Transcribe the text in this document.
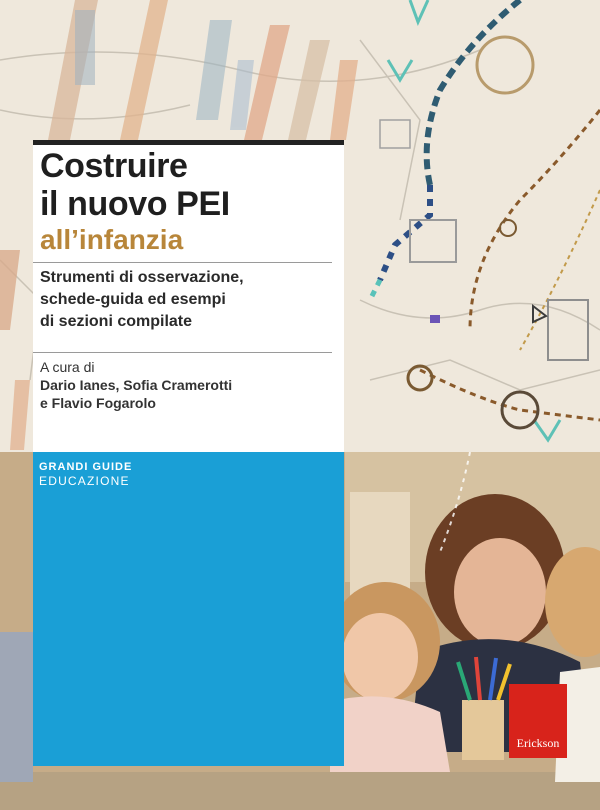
Costruire
il nuovo PEI

all’infanzia

Strumenti di osservazione,
schede-guida ed esempi
di sezioni compilate

A cura di
Dario Ianes, Sofia Cramerotti
e Flavio Fogarolo

GRANDI GUIDE
EDUCAZIONE
Erickson
